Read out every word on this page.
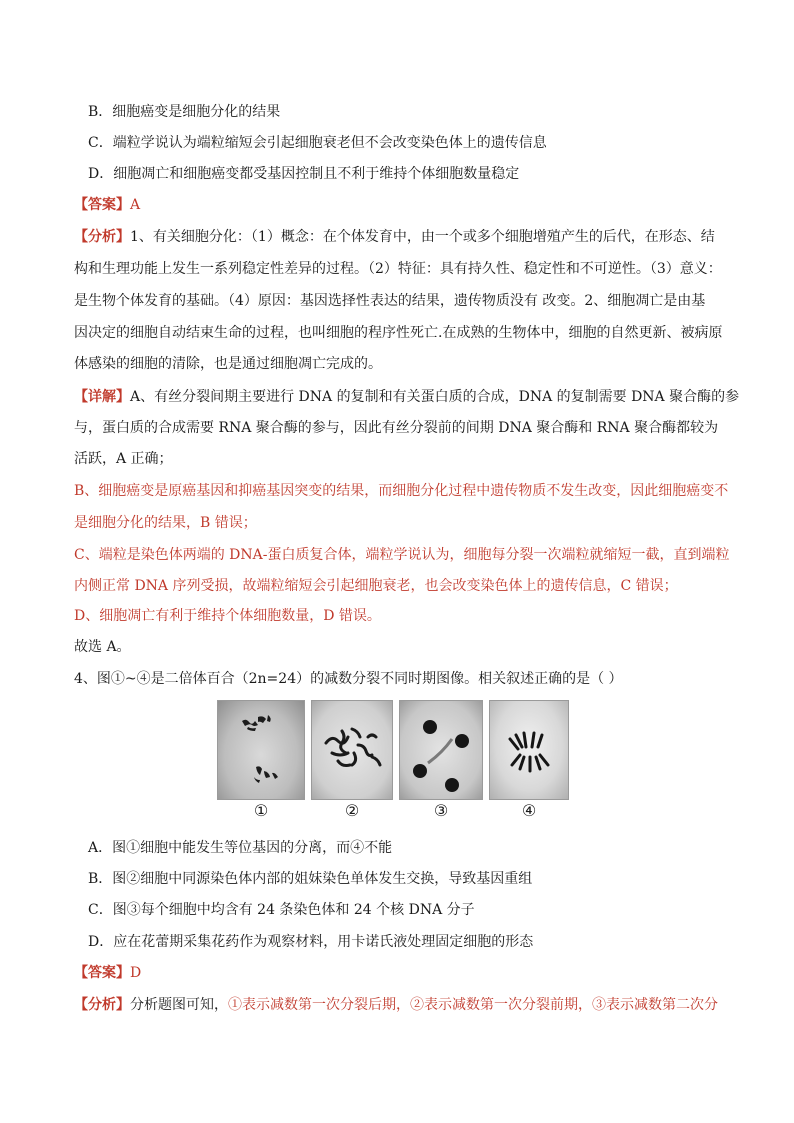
B．细胞癌变是细胞分化的结果
C．端粒学说认为端粒缩短会引起细胞衰老但不会改变染色体上的遗传信息
D．细胞凋亡和细胞癌变都受基因控制且不利于维持个体细胞数量稳定
【答案】A
【分析】1、有关细胞分化：（1）概念：在个体发育中，由一个或多个细胞增殖产生的后代，在形态、结
构和生理功能上发生一系列稳定性差异的过程。（2）特征：具有持久性、稳定性和不可逆性。（3）意义：
是生物个体发育的基础。（4）原因：基因选择性表达的结果，遗传物质没有 改变。2、细胞凋亡是由基
因决定的细胞自动结束生命的过程，也叫细胞的程序性死亡.在成熟的生物体中，细胞的自然更新、被病原
体感染的细胞的清除，也是通过细胞凋亡完成的。
【详解】A、有丝分裂间期主要进行 DNA 的复制和有关蛋白质的合成，DNA 的复制需要 DNA 聚合酶的参
与，蛋白质的合成需要 RNA 聚合酶的参与，因此有丝分裂前的间期 DNA 聚合酶和 RNA 聚合酶都较为
活跃，A 正确；
B、细胞癌变是原癌基因和抑癌基因突变的结果，而细胞分化过程中遗传物质不发生改变，因此细胞癌变不
是细胞分化的结果，B 错误；
C、端粒是染色体两端的 DNA-蛋白质复合体，端粒学说认为，细胞每分裂一次端粒就缩短一截，直到端粒
内侧正常 DNA 序列受损，故端粒缩短会引起细胞衰老，也会改变染色体上的遗传信息，C 错误；
D、细胞凋亡有利于维持个体细胞数量，D 错误。
故选 A。
4、图①~④是二倍体百合（2n=24）的减数分裂不同时期图像。相关叙述正确的是（ ）
①	②	③	④
A．图①细胞中能发生等位基因的分离，而④不能
B．图②细胞中同源染色体内部的姐妹染色单体发生交换，导致基因重组
C．图③每个细胞中均含有 24 条染色体和 24 个核 DNA 分子
D．应在花蕾期采集花药作为观察材料，用卡诺氏液处理固定细胞的形态
【答案】D
【分析】分析题图可知，①表示减数第一次分裂后期，②表示减数第一次分裂前期，③表示减数第二次分
